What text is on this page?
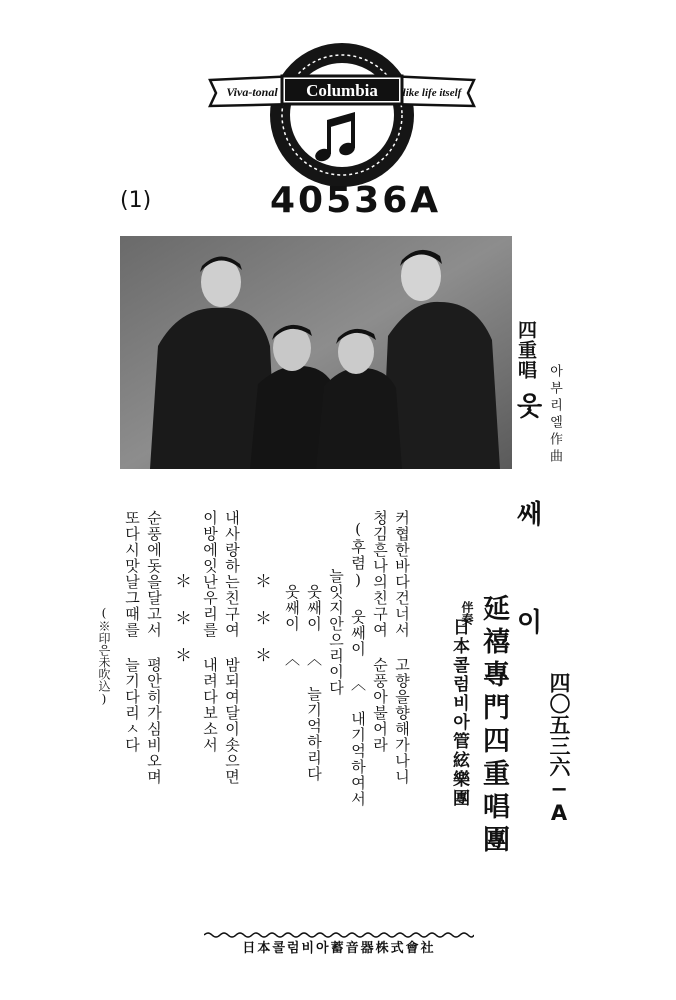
Columbia
Viva-tonal	like life itself
(1)	40536A
四重唱
웃 쌔 이 아부리엘作曲
四〇五三六−A
延禧專門四重唱團
伴奏
日本콜럼비아管絃樂團
커협한바다건너서 고향을향해가나니
청김흔나의친구여 순풍아불어라
(후렴) 웃쌔이 〈 내기억하여서
늘잇지안으리이다
웃쌔이 〈 늘기억하리다
웃쌔이 〈
＊ ＊ ＊
내사랑하는친구여 밤되여달이솟으면
이방에잇난우리를 내려다보소서
＊ ＊ ＊
순풍에돗을달고서 평안히가심비오며
또다시맛날그때를 늘기다리ㅅ다
(※印은未吹込)
日本콜럼비아蓄音器株式會社
